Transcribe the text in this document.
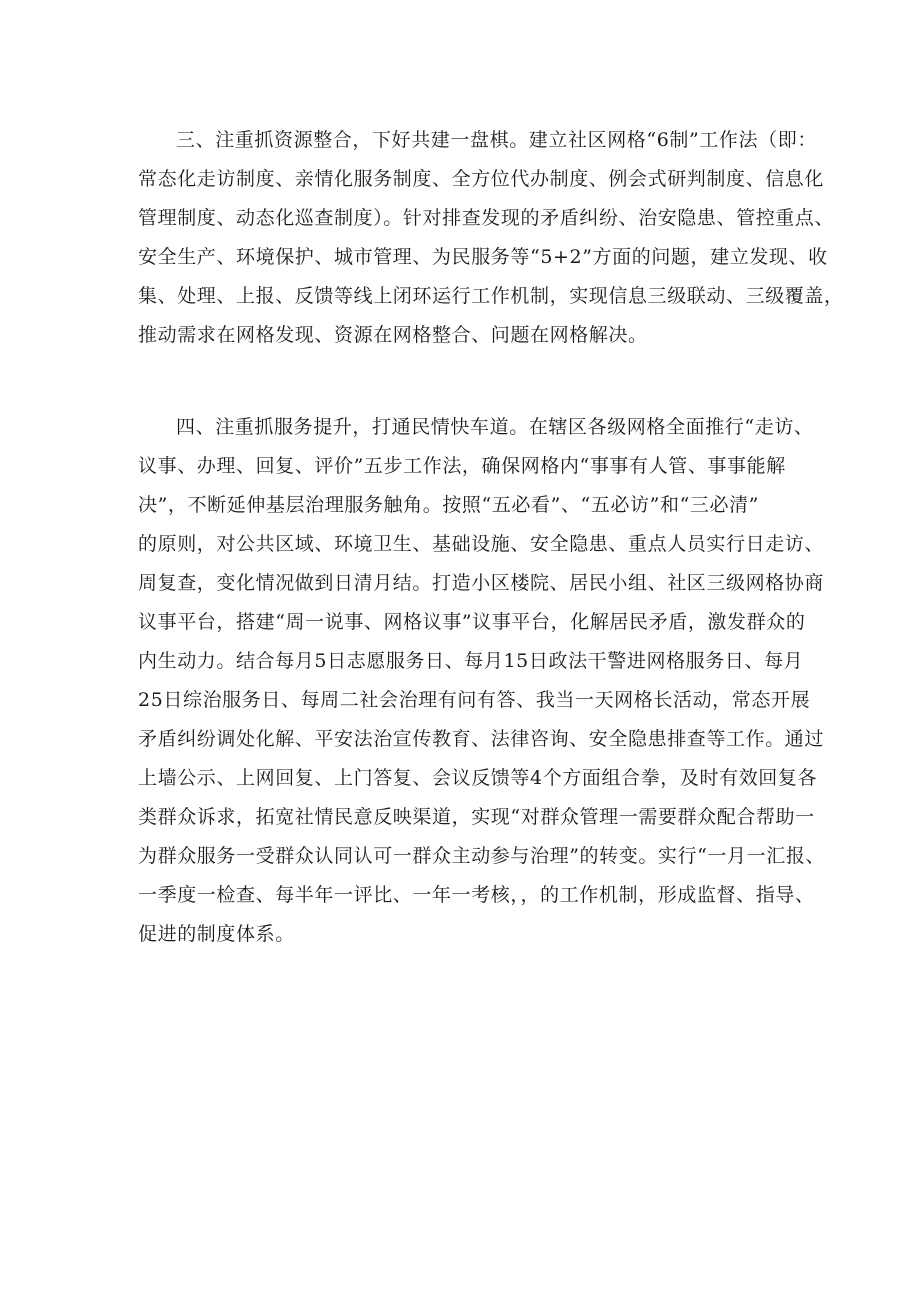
三、注重抓资源整合，下好共建一盘棋。建立社区网格“6制”工作法（即：
常态化走访制度、亲情化服务制度、全方位代办制度、例会式研判制度、信息化
管理制度、动态化巡查制度）。针对排查发现的矛盾纠纷、治安隐患、管控重点、
安全生产、环境保护、城市管理、为民服务等“5+2”方面的问题，建立发现、收
集、处理、上报、反馈等线上闭环运行工作机制，实现信息三级联动、三级覆盖，
推动需求在网格发现、资源在网格整合、问题在网格解决。
四、注重抓服务提升，打通民情快车道。在辖区各级网格全面推行“走访、
议事、办理、回复、评价”五步工作法，确保网格内“事事有人管、事事能解
决”，不断延伸基层治理服务触角。按照“五必看”、“五必访”和“三必清”
的原则，对公共区域、环境卫生、基础设施、安全隐患、重点人员实行日走访、
周复查，变化情况做到日清月结。打造小区楼院、居民小组、社区三级网格协商
议事平台，搭建“周一说事、网格议事”议事平台，化解居民矛盾，激发群众的
内生动力。结合每月5日志愿服务日、每月15日政法干警进网格服务日、每月
25日综治服务日、每周二社会治理有问有答、我当一天网格长活动，常态开展
矛盾纠纷调处化解、平安法治宣传教育、法律咨询、安全隐患排查等工作。通过
上墙公示、上网回复、上门答复、会议反馈等4个方面组合拳，及时有效回复各
类群众诉求，拓宽社情民意反映渠道，实现“对群众管理一需要群众配合帮助一
为群众服务一受群众认同认可一群众主动参与治理”的转变。实行“一月一汇报、
一季度一检查、每半年一评比、一年一考核，，的工作机制，形成监督、指导、
促进的制度体系。
